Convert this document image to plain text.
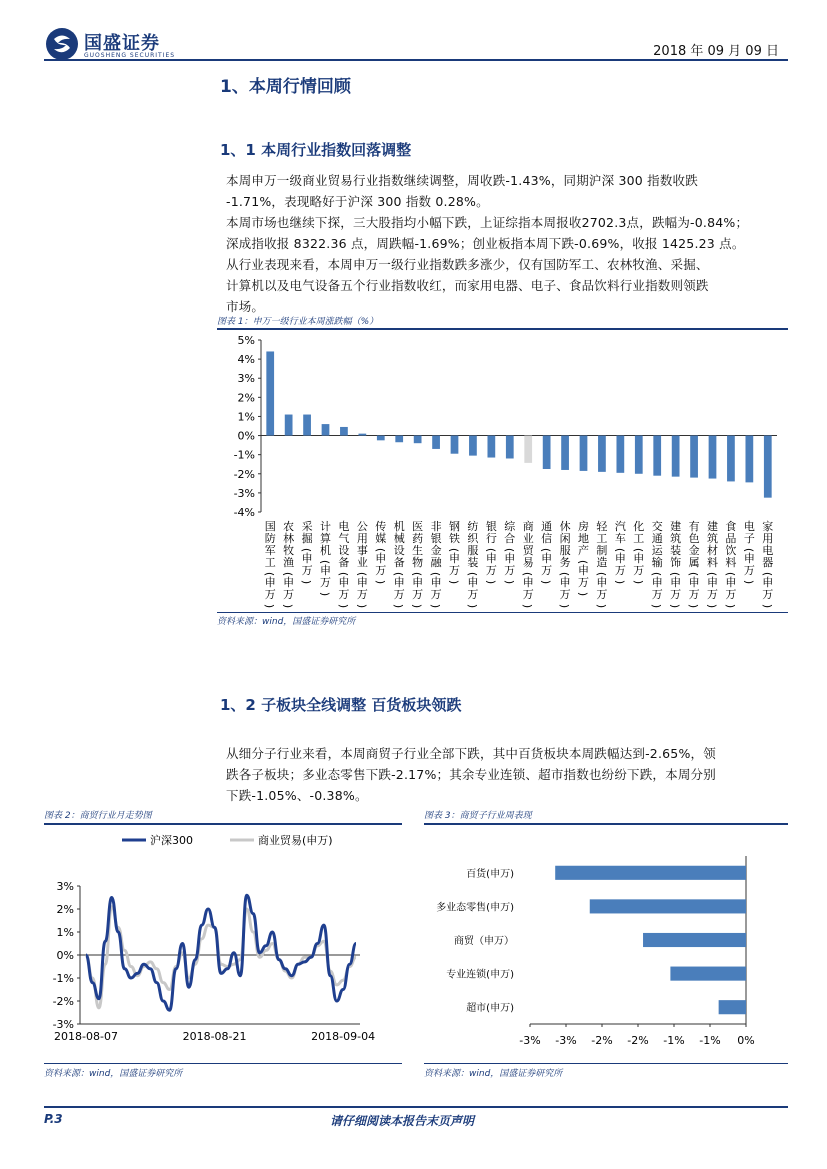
国盛证券
GUOSHENG SECURITIES	2018 年 09 月 09 日
1、本周行情回顾
1、1 本周行业指数回落调整
本周申万一级商业贸易行业指数继续调整，周收跌-1.43%，同期沪深 300 指数收跌
-1.71%，表现略好于沪深 300 指数 0.28%。
本周市场也继续下探，三大股指均小幅下跌，上证综指本周报收2702.3点，跌幅为-0.84%；
深成指收报 8322.36 点，周跌幅-1.69%；创业板指本周下跌-0.69%，收报 1425.23 点。
从行业表现来看，本周申万一级行业指数跌多涨少，仅有国防军工、农林牧渔、采掘、
计算机以及电气设备五个行业指数收红，而家用电器、电子、食品饮料行业指数则领跌
市场。
图表 1：申万一级行业本周涨跌幅（%）
5%
4%
3%
2%
1%
0%
-1%
-2%
-3%
-4%
国
防
军
工
(
申
万
)
农
林
牧
渔
(
申
万
)
采
掘
(
申
万
)
计
算
机
(
申
万
)
电
气
设
备
(
申
万
)
公
用
事
业
(
申
万
)
传
媒
(
申
万
)
机
械
设
备
(
申
万
)
医
药
生
物
(
申
万
)
非
银
金
融
(
申
万
)
钢
铁
(
申
万
)
纺
织
服
装
(
申
万
)
银
行
(
申
万
)
综
合
(
申
万
)
商
业
贸
易
(
申
万
)
通
信
(
申
万
)
休
闲
服
务
(
申
万
)
房
地
产
(
申
万
)
轻
工
制
造
(
申
万
)
汽
车
(
申
万
)
化
工
(
申
万
)
交
通
运
输
(
申
万
)
建
筑
装
饰
(
申
万
)
有
色
金
属
(
申
万
)
建
筑
材
料
(
申
万
)
食
品
饮
料
(
申
万
)
电
子
(
申
万
)
家
用
电
器
(
申
万
)
资料来源：wind，国盛证券研究所
1、2 子板块全线调整 百货板块领跌
从细分子行业来看，本周商贸子行业全部下跌，其中百货板块本周跌幅达到-2.65%，领
跌各子板块；多业态零售下跌-2.17%；其余专业连锁、超市指数也纷纷下跌，本周分别
下跌-1.05%、-0.38%。
图表 2：商贸行业月走势图
沪深300	商业贸易(申万)
3%
2%
1%
0%
-1%
-2%
-3%
2018-08-07	2018-08-21	2018-09-04
资料来源：wind，国盛证券研究所
图表 3：商贸子行业周表现
百货(申万)
多业态零售(申万)
商贸（申万）
专业连锁(申万)
超市(申万)
-3% -3% -2% -2% -1% -1% 0%
资料来源：wind，国盛证券研究所
P.3	请仔细阅读本报告末页声明
